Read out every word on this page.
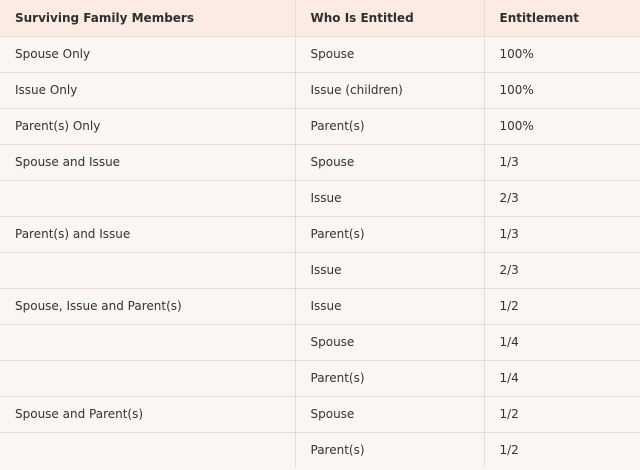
Surviving Family Members	Who Is Entitled	Entitlement
Spouse Only	Spouse	100%
Issue Only	Issue (children)	100%
Parent(s) Only	Parent(s)	100%
Spouse and Issue	Spouse	1/3
	Issue	2/3
Parent(s) and Issue	Parent(s)	1/3
	Issue	2/3
Spouse, Issue and Parent(s)	Issue	1/2
	Spouse	1/4
	Parent(s)	1/4
Spouse and Parent(s)	Spouse	1/2
	Parent(s)	1/2
